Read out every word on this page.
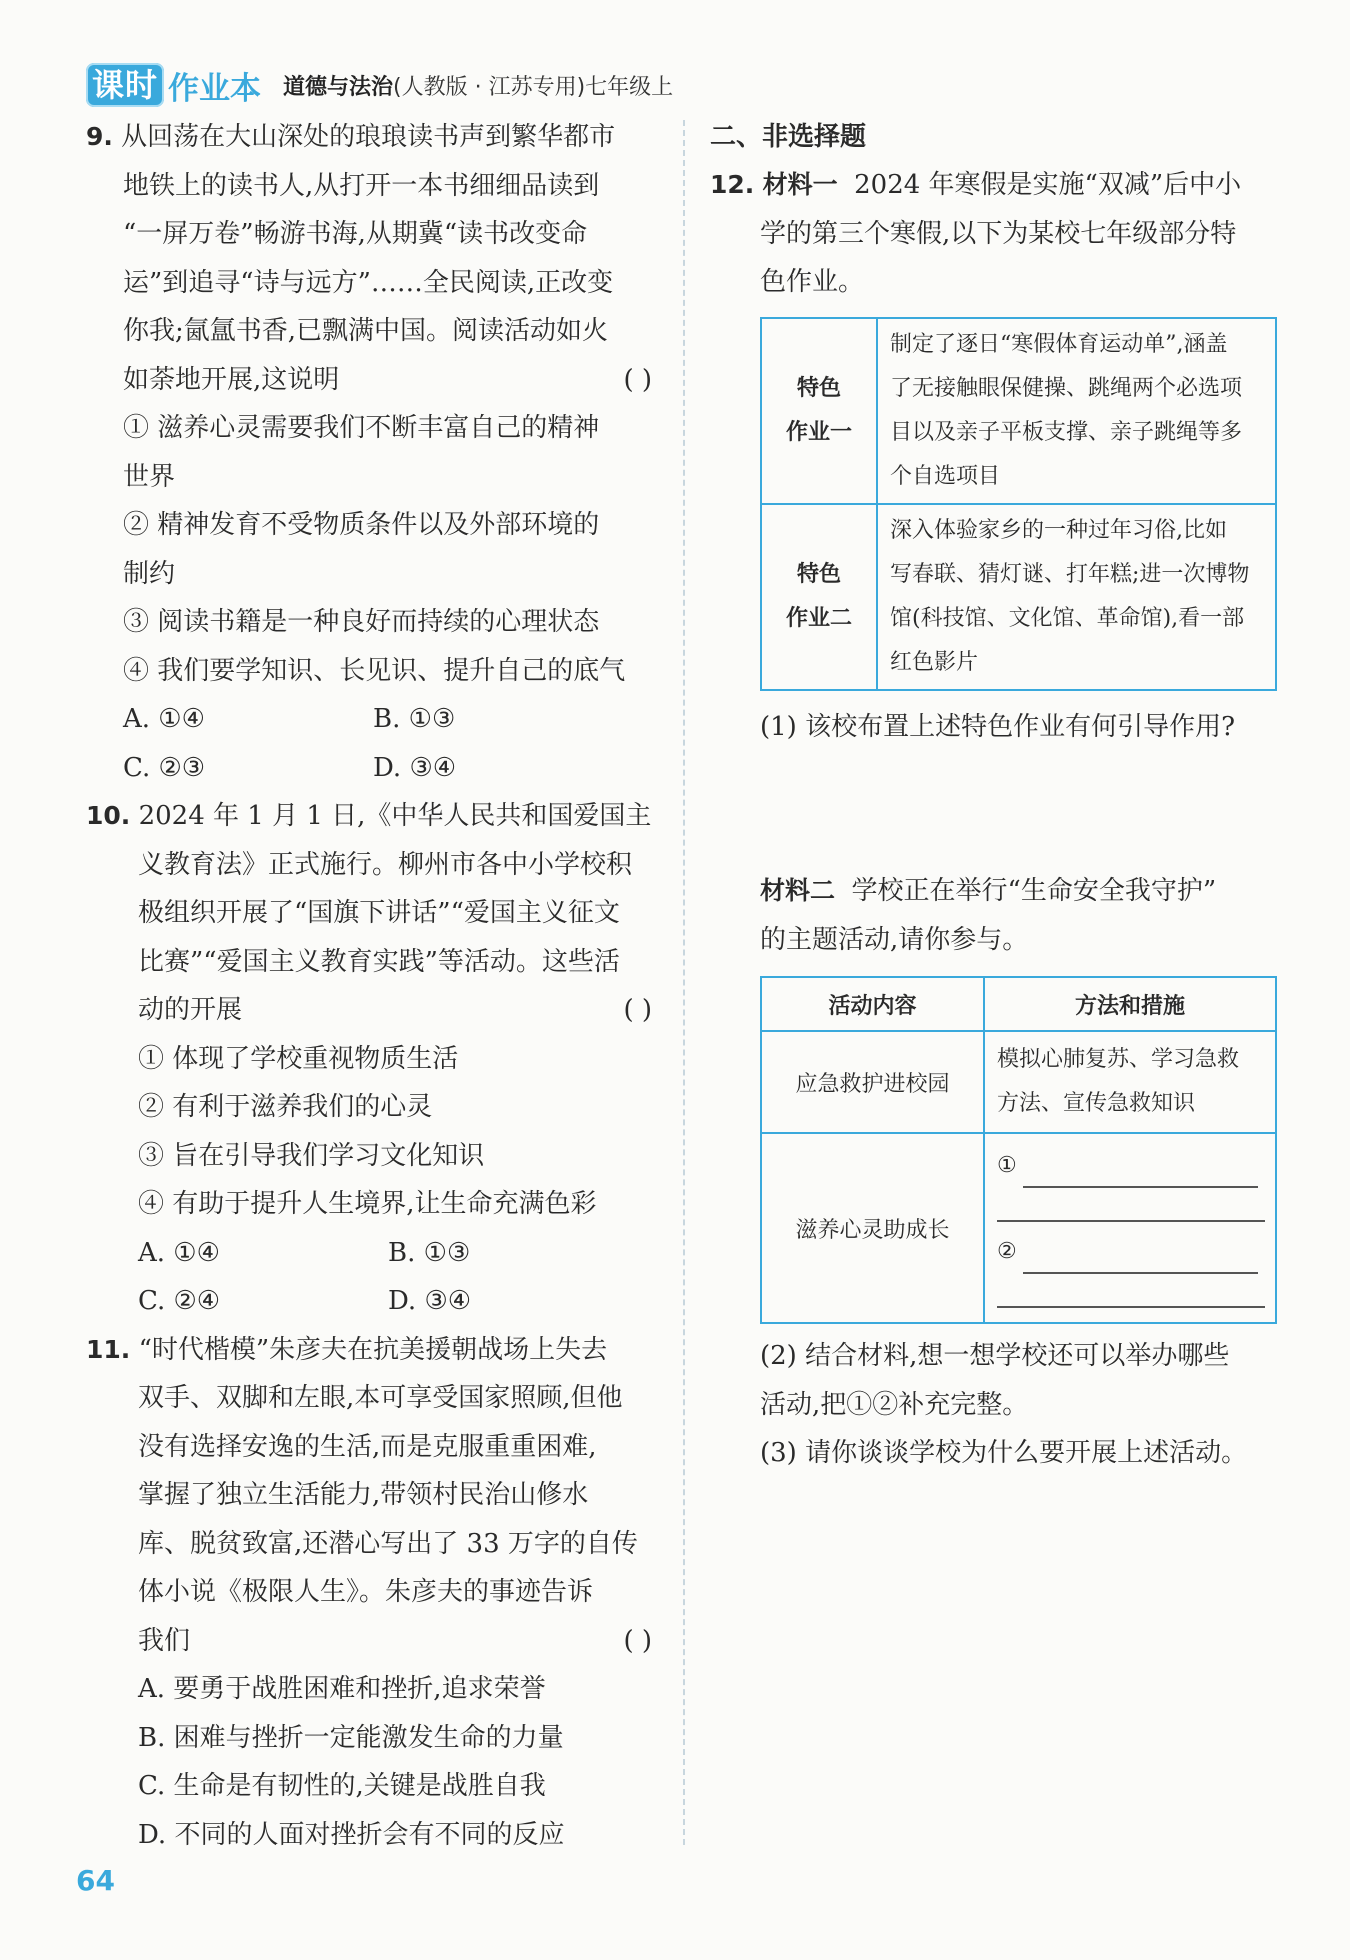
课时 作业本 道德与法治 (人教版 · 江苏专用)七年级上
9. 从回荡在大山深处的琅琅读书声到繁华都市
地铁上的读书人,从打开一本书细细品读到
“一屏万卷”畅游书海,从期冀“读书改变命
运”到追寻“诗与远方”……全民阅读,正改变
你我;氤氲书香,已飘满中国。阅读活动如火
如荼地开展,这说明	( )
① 滋养心灵需要我们不断丰富自己的精神
世界
② 精神发育不受物质条件以及外部环境的
制约
③ 阅读书籍是一种良好而持续的心理状态
④ 我们要学知识、长见识、提升自己的底气
A. ①④	B. ①③
C. ②③	D. ③④
10. 2024 年 1 月 1 日,《中华人民共和国爱国主
义教育法》正式施行。柳州市各中小学校积
极组织开展了“国旗下讲话”“爱国主义征文
比赛”“爱国主义教育实践”等活动。这些活
动的开展	( )
① 体现了学校重视物质生活
② 有利于滋养我们的心灵
③ 旨在引导我们学习文化知识
④ 有助于提升人生境界,让生命充满色彩
A. ①④	B. ①③
C. ②④	D. ③④
11. “时代楷模”朱彦夫在抗美援朝战场上失去
双手、双脚和左眼,本可享受国家照顾,但他
没有选择安逸的生活,而是克服重重困难,
掌握了独立生活能力,带领村民治山修水
库、脱贫致富,还潜心写出了 33 万字的自传
体小说《极限人生》。朱彦夫的事迹告诉
我们	( )
A. 要勇于战胜困难和挫折,追求荣誉
B. 困难与挫折一定能激发生命的力量
C. 生命是有韧性的,关键是战胜自我
D. 不同的人面对挫折会有不同的反应
二、非选择题
12. 材料一 2024 年寒假是实施“双减”后中小
学的第三个寒假,以下为某校七年级部分特
色作业。
特色
作业一	制定了逐日“寒假体育运动单”,涵盖
了无接触眼保健操、跳绳两个必选项
目以及亲子平板支撑、亲子跳绳等多
个自选项目

特色
作业二	深入体验家乡的一种过年习俗,比如
写春联、猜灯谜、打年糕;进一次博物
馆(科技馆、文化馆、革命馆),看一部
红色影片
(1) 该校布置上述特色作业有何引导作用?
材料二 学校正在举行“生命安全我守护”
的主题活动,请你参与。
活动内容	方法和措施
应急救护进校园	模拟心肺复苏、学习急救
方法、宣传急救知识

滋养心灵助成长	①
②
(2) 结合材料,想一想学校还可以举办哪些
活动,把①②补充完整。
(3) 请你谈谈学校为什么要开展上述活动。
64
